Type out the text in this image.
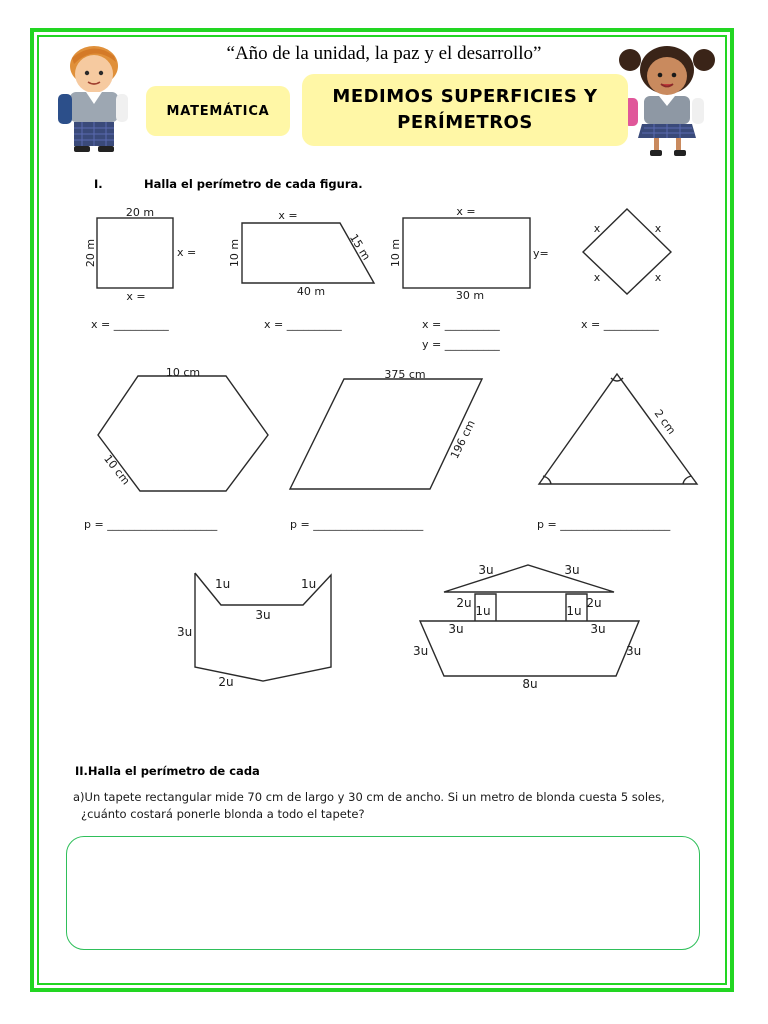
“Año de la unidad, la paz y el desarrollo”
MATEMÁTICA
MEDIMOS SUPERFICIES Y
PERÍMETROS
I.	Halla el perímetro de cada figura.
20 m
20 m	x =
x =
x =
10 m	15 m
40 m
x =
10 m	y=
30 m
x	x
x	x
x = __________	x = __________	x = __________	x = __________
y = __________
10 cm
10 cm
375 cm
196 cm	2 cm
p = ____________________	p = ____________________	p = ____________________
1u	1u
3u
3u
2u
3u	3u
2u
1u	1u
2u
3u	3u
3u	3u
8u
II.Halla el perímetro de cada
a)Un tapete rectangular mide 70 cm de largo y 30 cm de ancho. Si un metro de blonda cuesta 5 soles,
¿cuánto costará ponerle blonda a todo el tapete?
